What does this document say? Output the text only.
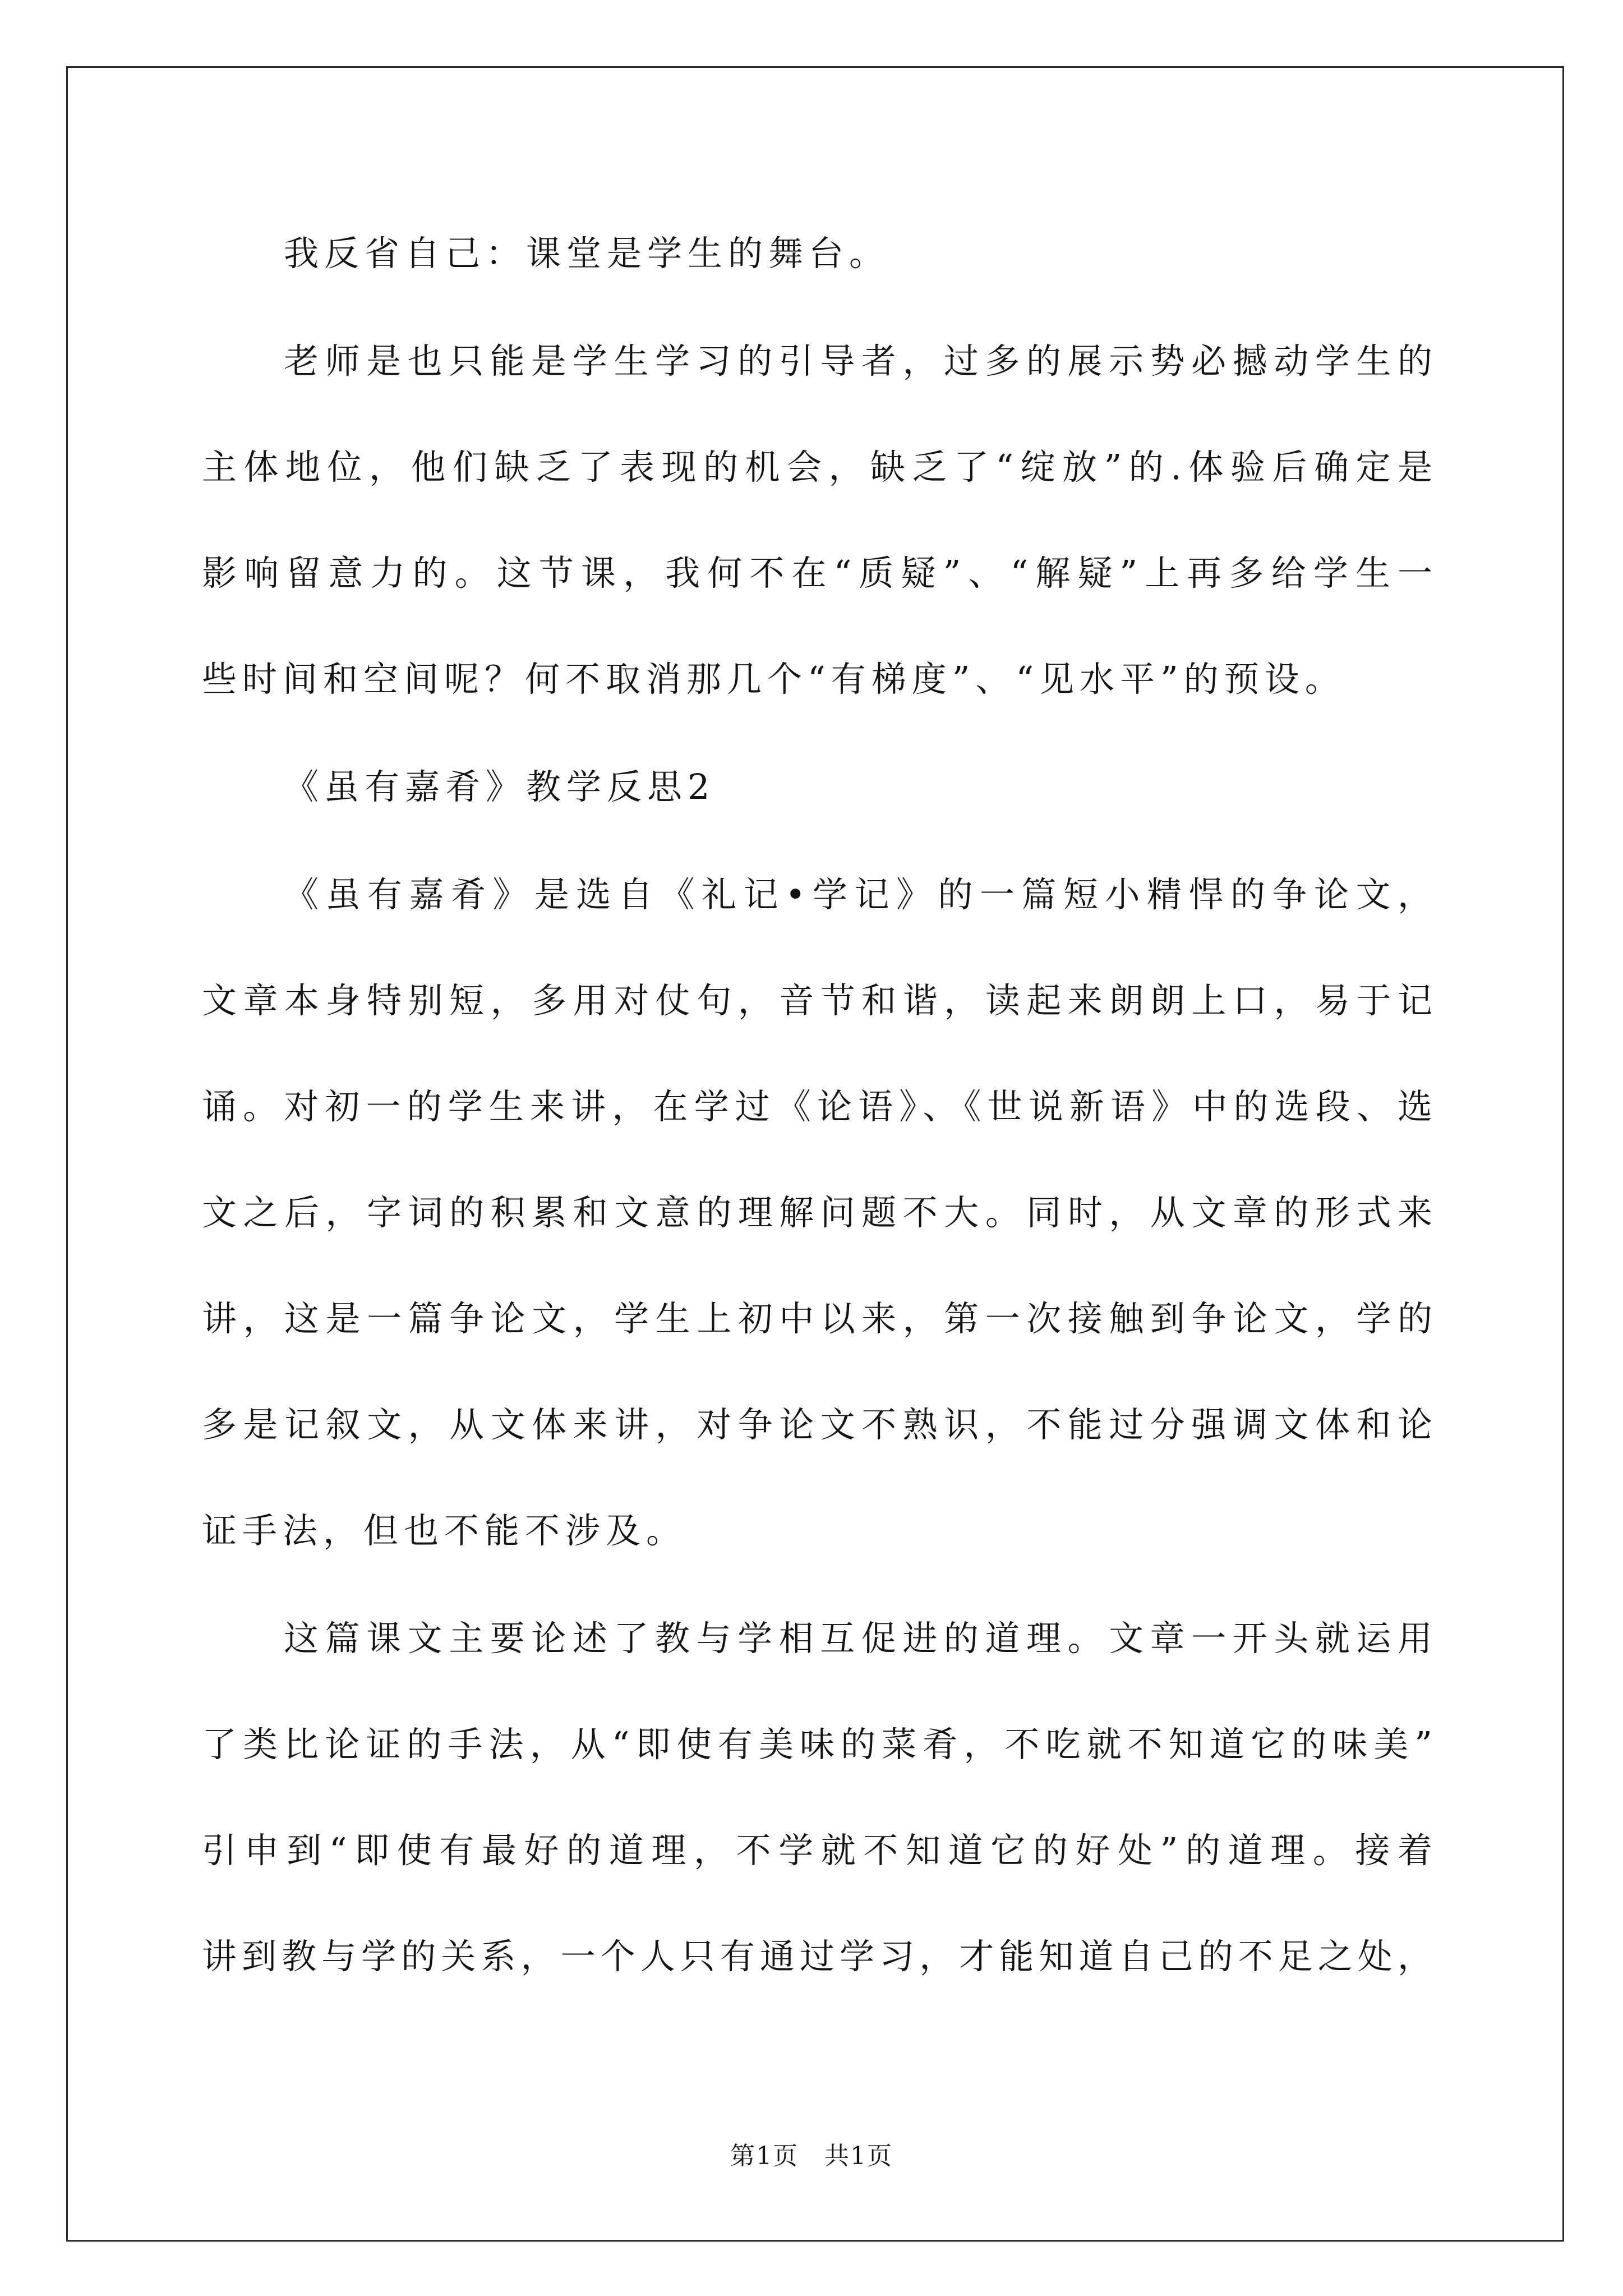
我反省自己：课堂是学生的舞台。
老师是也只能是学生学习的引导者，过多的展示势必撼动学生的
主体地位，他们缺乏了表现的机会，缺乏了“绽放”的.体验后确定是
影响留意力的。这节课，我何不在“质疑”、“解疑”上再多给学生一
些时间和空间呢？何不取消那几个“有梯度”、“见水平”的预设。
《虽有嘉肴》教学反思2
《虽有嘉肴》是选自《礼记•学记》的一篇短小精悍的争论文，
文章本身特别短，多用对仗句，音节和谐，读起来朗朗上口，易于记
诵。对初一的学生来讲，在学过《论语》、《世说新语》中的选段、选
文之后，字词的积累和文意的理解问题不大。同时，从文章的形式来
讲，这是一篇争论文，学生上初中以来，第一次接触到争论文，学的
多是记叙文，从文体来讲，对争论文不熟识，不能过分强调文体和论
证手法，但也不能不涉及。
这篇课文主要论述了教与学相互促进的道理。文章一开头就运用
了类比论证的手法，从“即使有美味的菜肴，不吃就不知道它的味美”
引申到“即使有最好的道理，不学就不知道它的好处”的道理。接着
讲到教与学的关系，一个人只有通过学习，才能知道自己的不足之处，
第1页　共1页
